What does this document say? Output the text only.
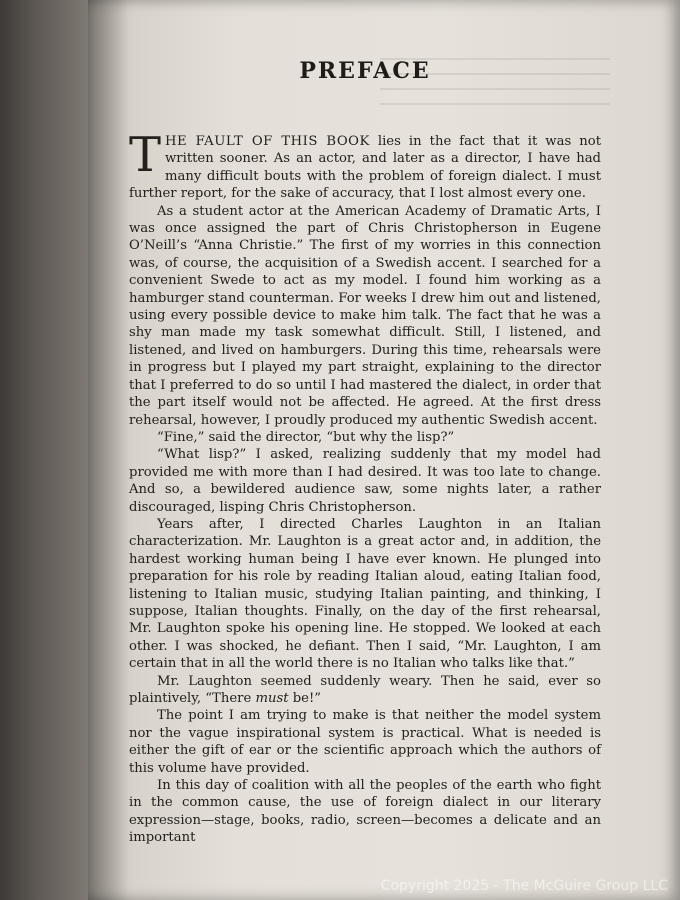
PREFACE

THE FAULT OF THIS BOOK lies in the fact that it was not written sooner. As an actor, and later as a director, I have had many difficult bouts with the problem of foreign dialect. I must further report, for the sake of accuracy, that I lost almost every one.

As a student actor at the American Academy of Dramatic Arts, I was once assigned the part of Chris Christopherson in Eugene O’Neill’s “Anna Christie.” The first of my worries in this connection was, of course, the acquisition of a Swedish accent. I searched for a convenient Swede to act as my model. I found him working as a hamburger stand counterman. For weeks I drew him out and listened, using every possible device to make him talk. The fact that he was a shy man made my task somewhat difficult. Still, I listened, and listened, and lived on hamburgers. During this time, rehearsals were in progress but I played my part straight, explaining to the director that I preferred to do so until I had mastered the dialect, in order that the part itself would not be affected. He agreed. At the first dress rehearsal, however, I proudly produced my authentic Swedish accent.

“Fine,” said the director, “but why the lisp?”

“What lisp?” I asked, realizing suddenly that my model had provided me with more than I had desired. It was too late to change. And so, a bewildered audience saw, some nights later, a rather discouraged, lisping Chris Christopherson.

Years after, I directed Charles Laughton in an Italian characterization. Mr. Laughton is a great actor and, in addition, the hardest working human being I have ever known. He plunged into preparation for his role by reading Italian aloud, eating Italian food, listening to Italian music, studying Italian painting, and thinking, I suppose, Italian thoughts. Finally, on the day of the first rehearsal, Mr. Laughton spoke his opening line. He stopped. We looked at each other. I was shocked, he defiant. Then I said, “Mr. Laughton, I am certain that in all the world there is no Italian who talks like that.”

Mr. Laughton seemed suddenly weary. Then he said, ever so plaintively, “There must be!”

The point I am trying to make is that neither the model system nor the vague inspirational system is practical. What is needed is either the gift of ear or the scientific approach which the authors of this volume have provided.

In this day of coalition with all the peoples of the earth who fight in the common cause, the use of foreign dialect in our literary expression—stage, books, radio, screen—becomes a delicate and an important

Copyright 2025 - The McGuire Group LLC
